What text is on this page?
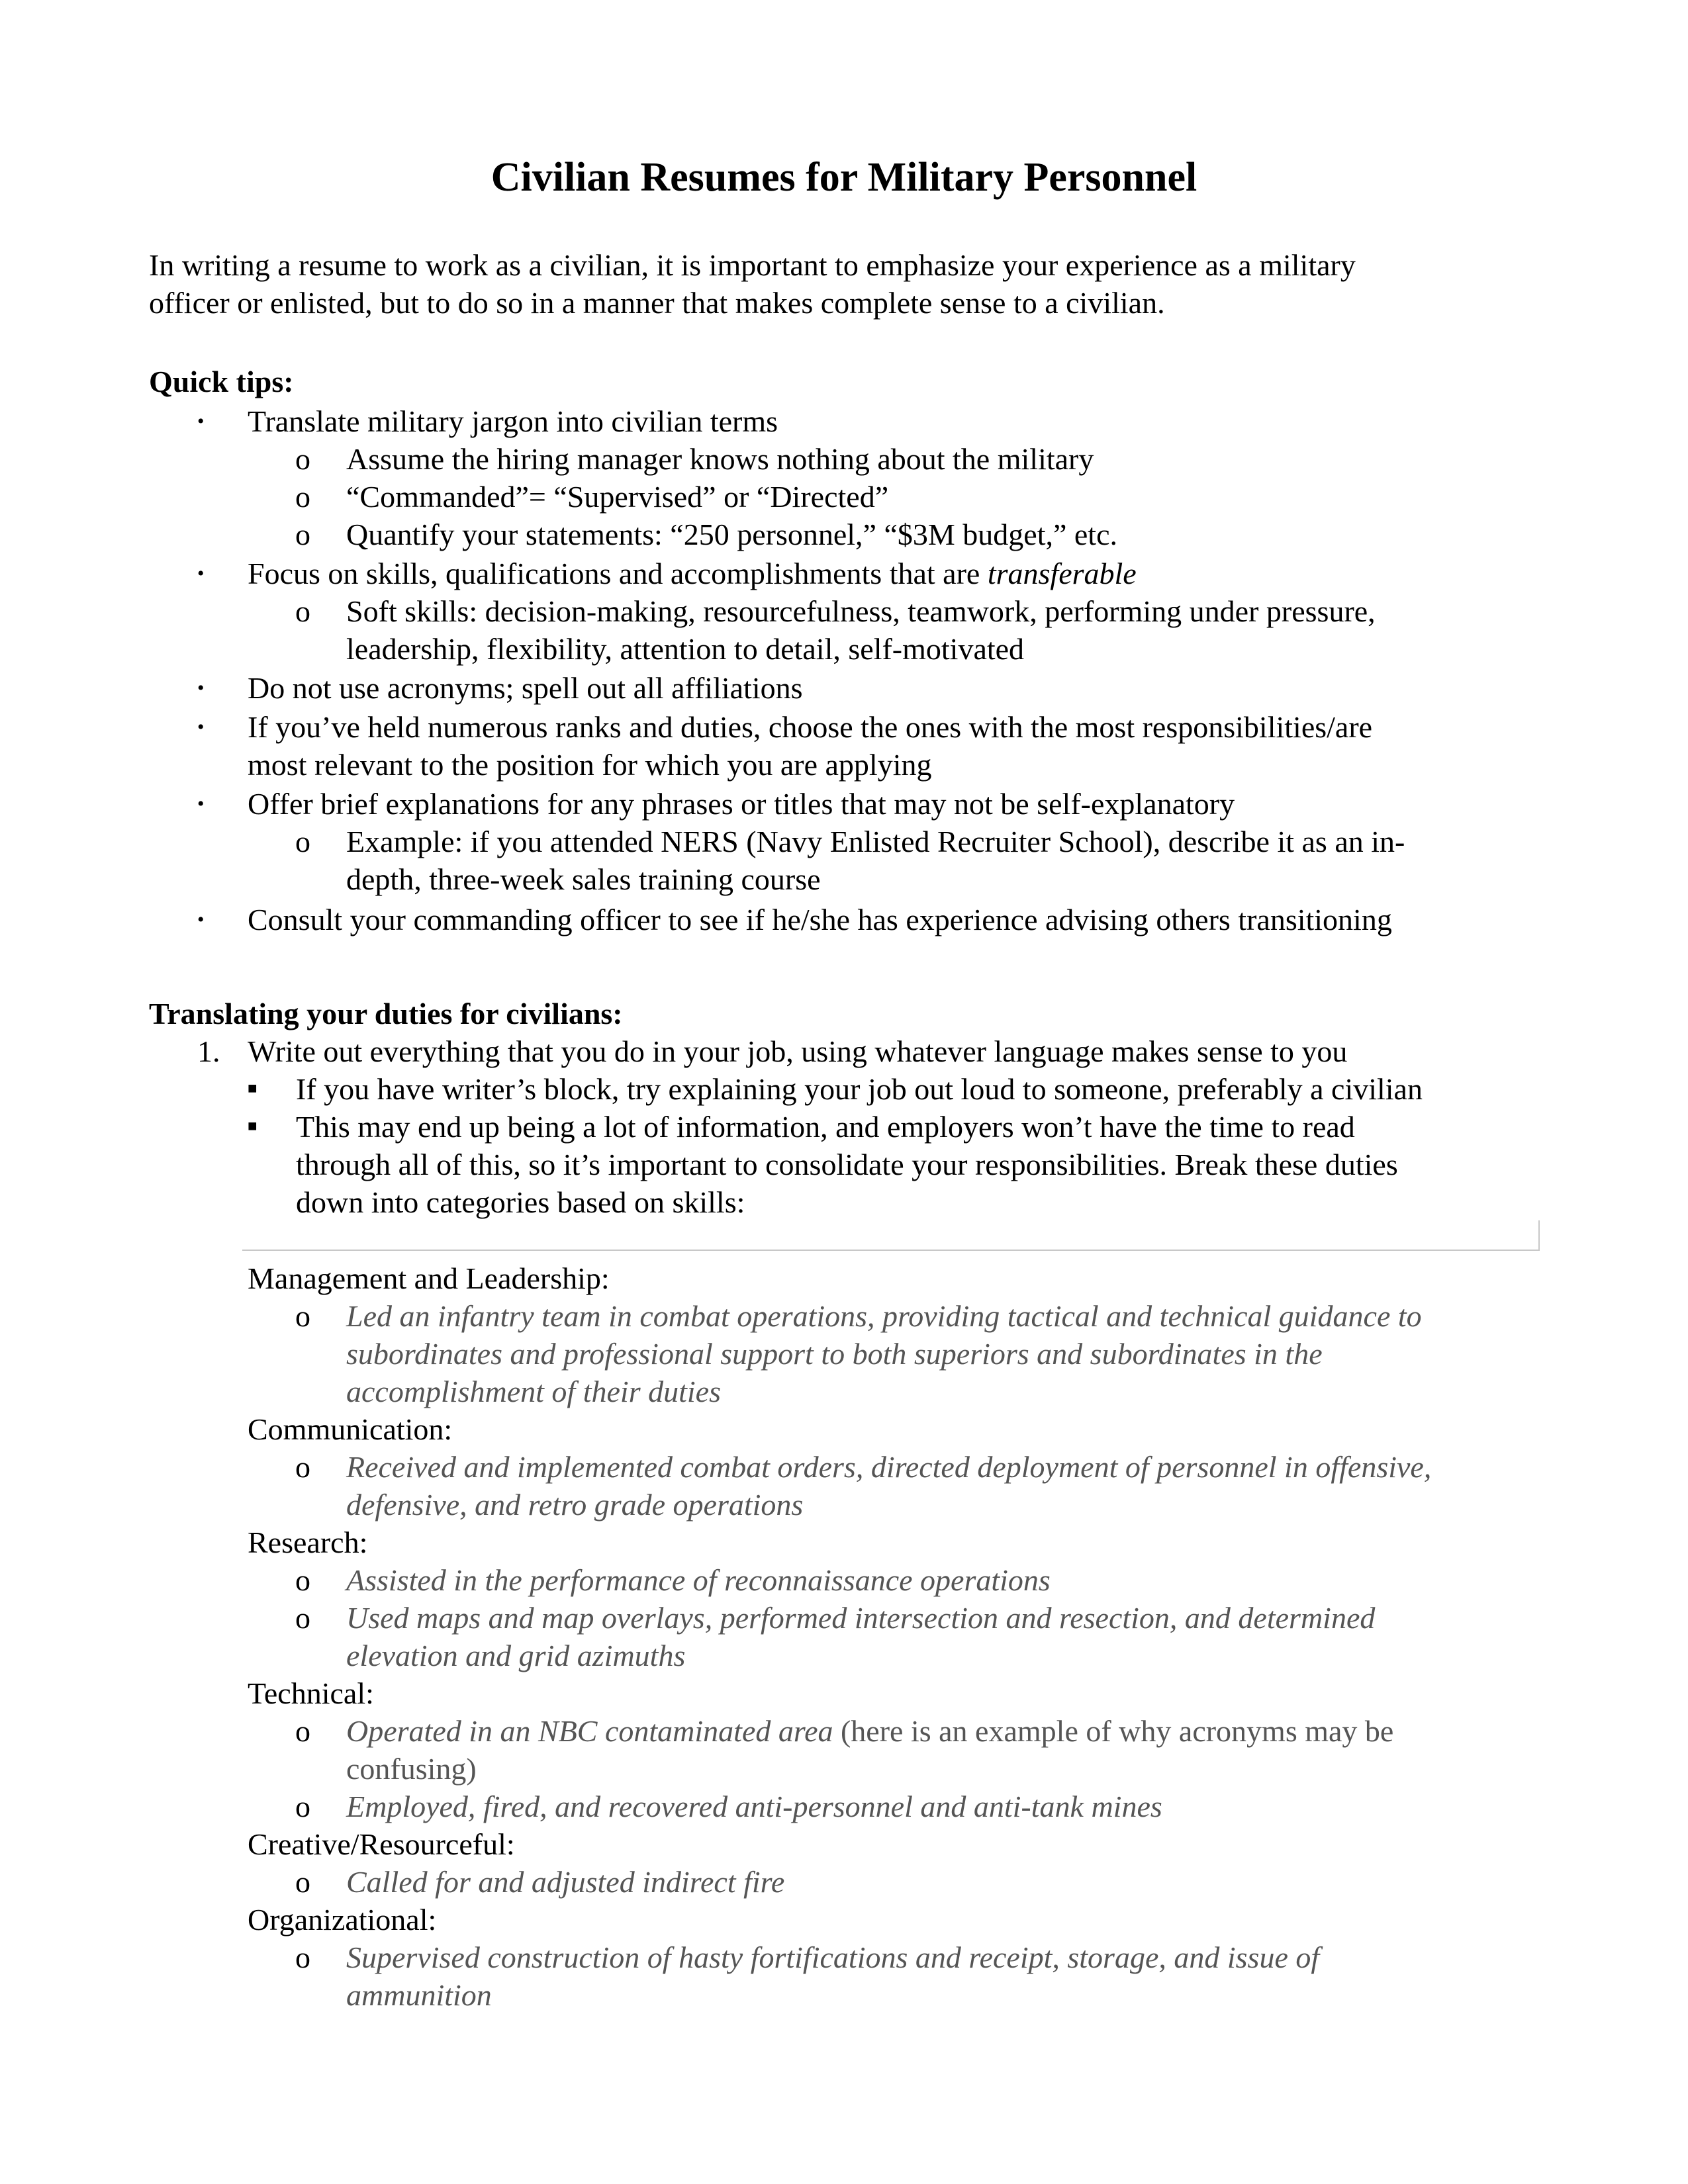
Civilian Resumes for Military Personnel
In writing a resume to work as a civilian, it is important to emphasize your experience as a military
officer or enlisted, but to do so in a manner that makes complete sense to a civilian.
Quick tips:
• Translate military jargon into civilian terms
o Assume the hiring manager knows nothing about the military
o “Commanded”= “Supervised” or “Directed”
o Quantify your statements: “250 personnel,” “$3M budget,” etc.
• Focus on skills, qualifications and accomplishments that are transferable
o Soft skills: decision-making, resourcefulness, teamwork, performing under pressure,
leadership, flexibility, attention to detail, self-motivated
• Do not use acronyms; spell out all affiliations
• If you’ve held numerous ranks and duties, choose the ones with the most responsibilities/are
most relevant to the position for which you are applying
• Offer brief explanations for any phrases or titles that may not be self-explanatory
o Example: if you attended NERS (Navy Enlisted Recruiter School), describe it as an in-
depth, three-week sales training course
• Consult your commanding officer to see if he/she has experience advising others transitioning
Translating your duties for civilians:
1. Write out everything that you do in your job, using whatever language makes sense to you
■ If you have writer’s block, try explaining your job out loud to someone, preferably a civilian
■ This may end up being a lot of information, and employers won’t have the time to read
through all of this, so it’s important to consolidate your responsibilities. Break these duties
down into categories based on skills:
Management and Leadership:
o Led an infantry team in combat operations, providing tactical and technical guidance to
subordinates and professional support to both superiors and subordinates in the
accomplishment of their duties
Communication:
o Received and implemented combat orders, directed deployment of personnel in offensive,
defensive, and retro grade operations
Research:
o Assisted in the performance of reconnaissance operations
o Used maps and map overlays, performed intersection and resection, and determined
elevation and grid azimuths
Technical:
o Operated in an NBC contaminated area (here is an example of why acronyms may be
confusing)
o Employed, fired, and recovered anti-personnel and anti-tank mines
Creative/Resourceful:
o Called for and adjusted indirect fire
Organizational:
o Supervised construction of hasty fortifications and receipt, storage, and issue of
ammunition
